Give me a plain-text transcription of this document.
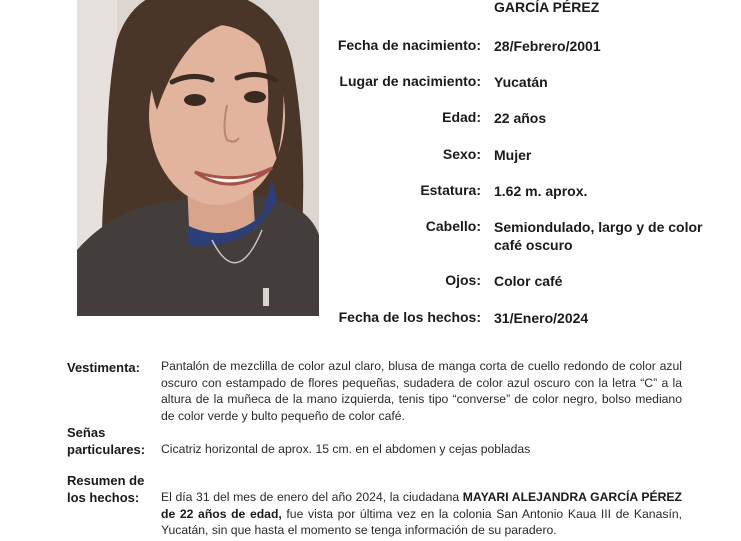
GARCÍA PÉREZ
Fecha de nacimiento: 28/Febrero/2001
Lugar de nacimiento: Yucatán
Edad: 22 años
Sexo: Mujer
Estatura: 1.62 m. aprox.
Cabello: Semiondulado, largo y de color café oscuro
Ojos: Color café
Fecha de los hechos: 31/Enero/2024
Vestimenta: Pantalón de mezclilla de color azul claro, blusa de manga corta de cuello redondo de color azul oscuro con estampado de flores pequeñas, sudadera de color azul oscuro con la letra “C” a la altura de la muñeca de la mano izquierda, tenis tipo “converse” de color negro, bolso mediano de color verde y bulto pequeño de color café.
Señas
particulares: Cicatriz horizontal de aprox. 15 cm. en el abdomen y cejas pobladas
Resumen de
los hechos:	El día 31 del mes de enero del año 2024, la ciudadana MAYARI ALEJANDRA GARCÍA PÉREZ de 22 años de edad, fue vista por última vez en la colonia San Antonio Kaua III de Kanasín, Yucatán, sin que hasta el momento se tenga información de su paradero.
